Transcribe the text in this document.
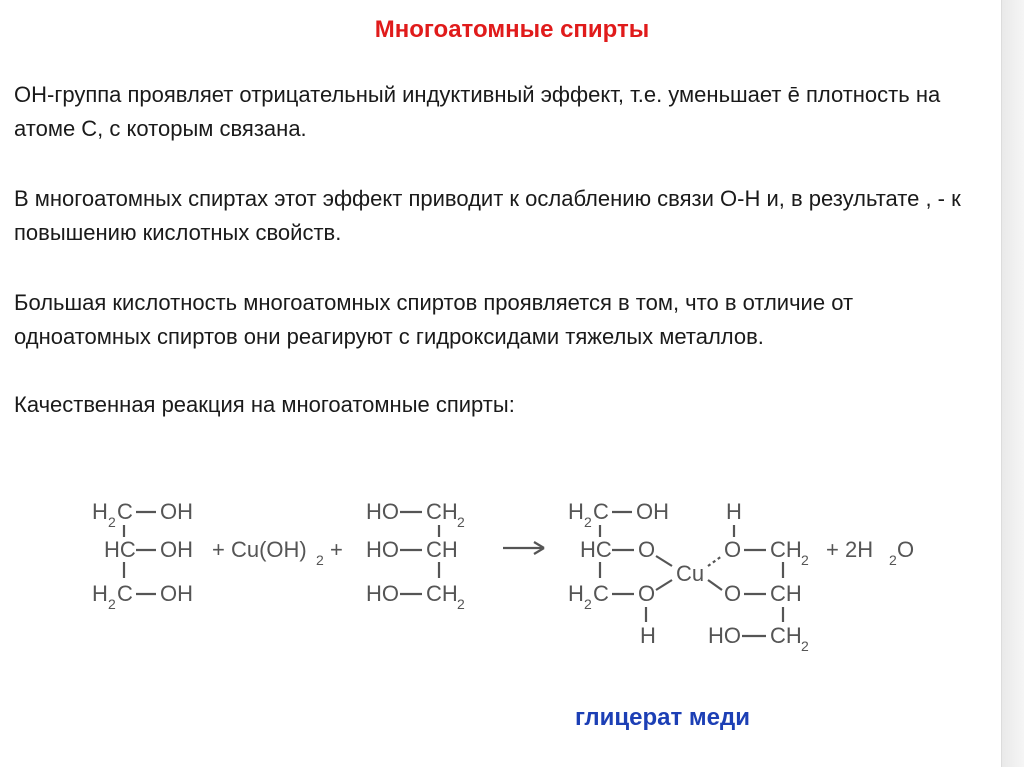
Многоатомные спирты

ОН-группа проявляет отрицательный индуктивный эффект, т.е. уменьшает ē плотность на атоме С, с которым связана.

В многоатомных спиртах этот эффект приводит к ослаблению связи О-Н и, в результате , - к повышению кислотных свойств.

Большая кислотность многоатомных спиртов проявляется в том, что в отличие от одноатомных спиртов они реагируют с гидроксидами тяжелых металлов.

Качественная реакция на многоатомные спирты:

H 2 C OH
HC OH
H 2 C OH
+ Cu(OH) 2 +
HO CH 2
HO CH
HO CH 2
H 2 C OH
HC O
H 2 C O
H
Cu
H
O CH 2
O CH
HO CH 2
+ 2H 2 O
глицерат меди
